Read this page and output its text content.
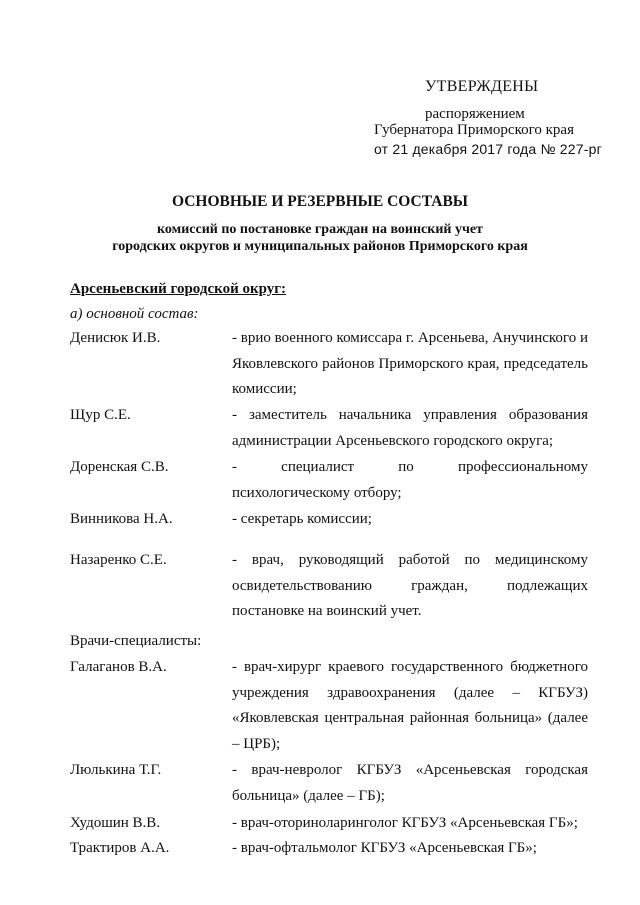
УТВЕРЖДЕНЫ
распоряжением
Губернатора Приморского края
от 21 декабря 2017 года № 227-рг
ОСНОВНЫЕ И РЕЗЕРВНЫЕ СОСТАВЫ
комиссий по постановке граждан на воинский учет
городских округов и муниципальных районов Приморского края
Арсеньевский городской округ:
а) основной состав:
Денисюк И.В.	- врио военного комиссара г. Арсеньева, Анучинского и Яковлевского районов Приморского края, председатель комиссии;
Щур С.Е.	- заместитель начальника управления образования администрации Арсеньевского городского округа;
Доренская С.В.	- специалист по профессиональному психологическому отбору;
Винникова Н.А.	- секретарь комиссии;
Назаренко С.Е.	- врач, руководящий работой по медицинскому освидетельствованию граждан, подлежащих постановке на воинский учет.
Врачи-специалисты:
Галаганов В.А.	- врач-хирург краевого государственного бюджетного учреждения здравоохранения (далее – КГБУЗ) «Яковлевская центральная районная больница» (далее – ЦРБ);
Люлькина Т.Г.	- врач-невролог КГБУЗ «Арсеньевская городская больница» (далее – ГБ);
Худошин В.В.	- врач-оториноларинголог КГБУЗ «Арсеньевская ГБ»;
Трактиров А.А.	- врач-офтальмолог КГБУЗ «Арсеньевская ГБ»;
